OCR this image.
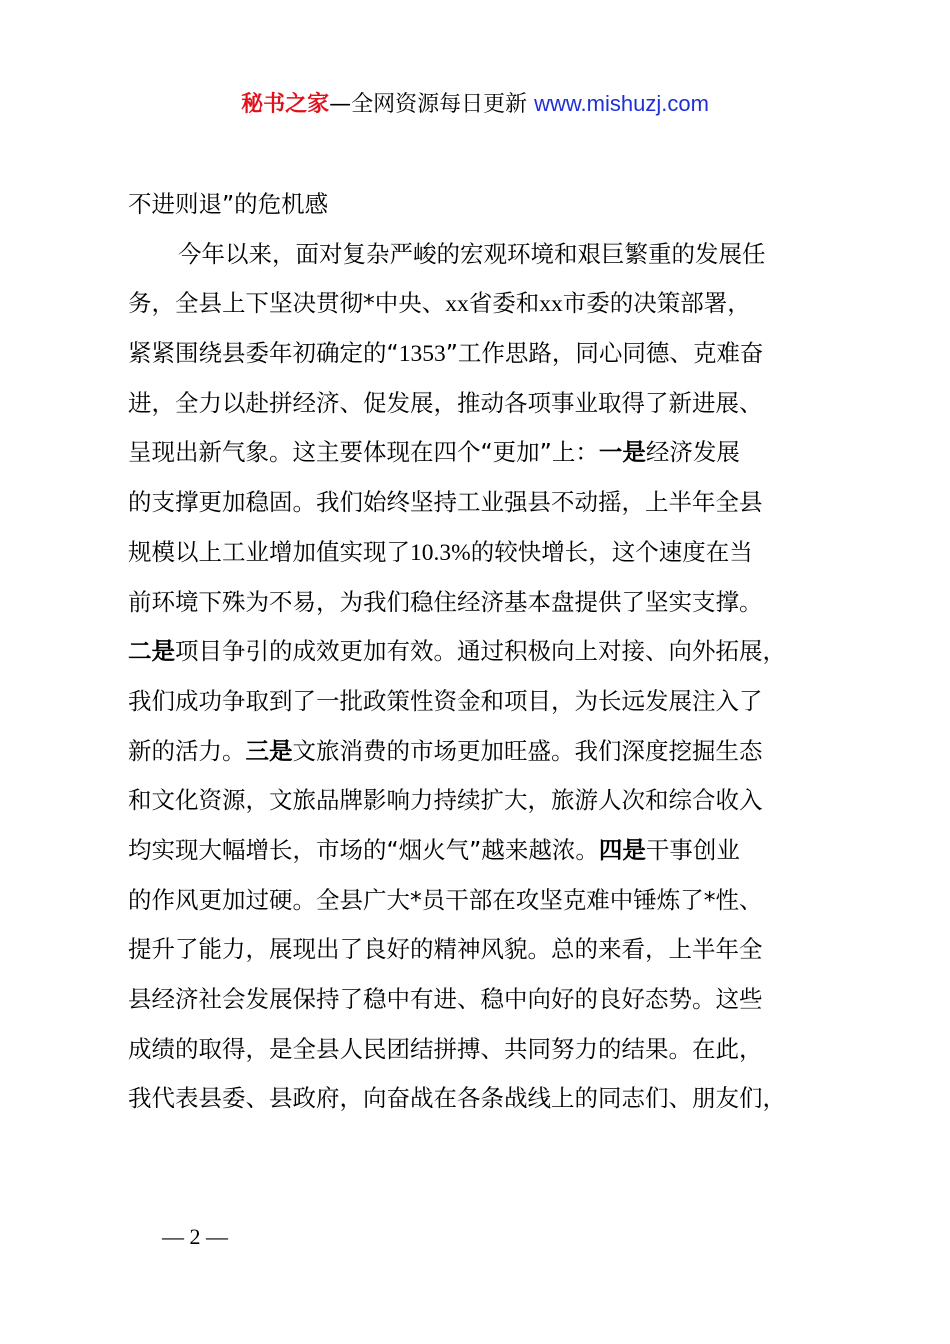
秘书之家—全网资源每日更新 www.mishuzj.com
不进则退”的危机感
今年以来，面对复杂严峻的宏观环境和艰巨繁重的发展任
务，全县上下坚决贯彻*中央、xx省委和xx市委的决策部署，
紧紧围绕县委年初确定的“1353”工作思路，同心同德、克难奋
进，全力以赴拼经济、促发展，推动各项事业取得了新进展、
呈现出新气象。这主要体现在四个“更加”上：一是经济发展
的支撑更加稳固。我们始终坚持工业强县不动摇，上半年全县
规模以上工业增加值实现了10.3%的较快增长，这个速度在当
前环境下殊为不易，为我们稳住经济基本盘提供了坚实支撑。
二是项目争引的成效更加有效。通过积极向上对接、向外拓展，
我们成功争取到了一批政策性资金和项目，为长远发展注入了
新的活力。三是文旅消费的市场更加旺盛。我们深度挖掘生态
和文化资源，文旅品牌影响力持续扩大，旅游人次和综合收入
均实现大幅增长，市场的“烟火气”越来越浓。四是干事创业
的作风更加过硬。全县广大*员干部在攻坚克难中锤炼了*性、
提升了能力，展现出了良好的精神风貌。总的来看，上半年全
县经济社会发展保持了稳中有进、稳中向好的良好态势。这些
成绩的取得，是全县人民团结拼搏、共同努力的结果。在此，
我代表县委、县政府，向奋战在各条战线上的同志们、朋友们，
— 2 —
